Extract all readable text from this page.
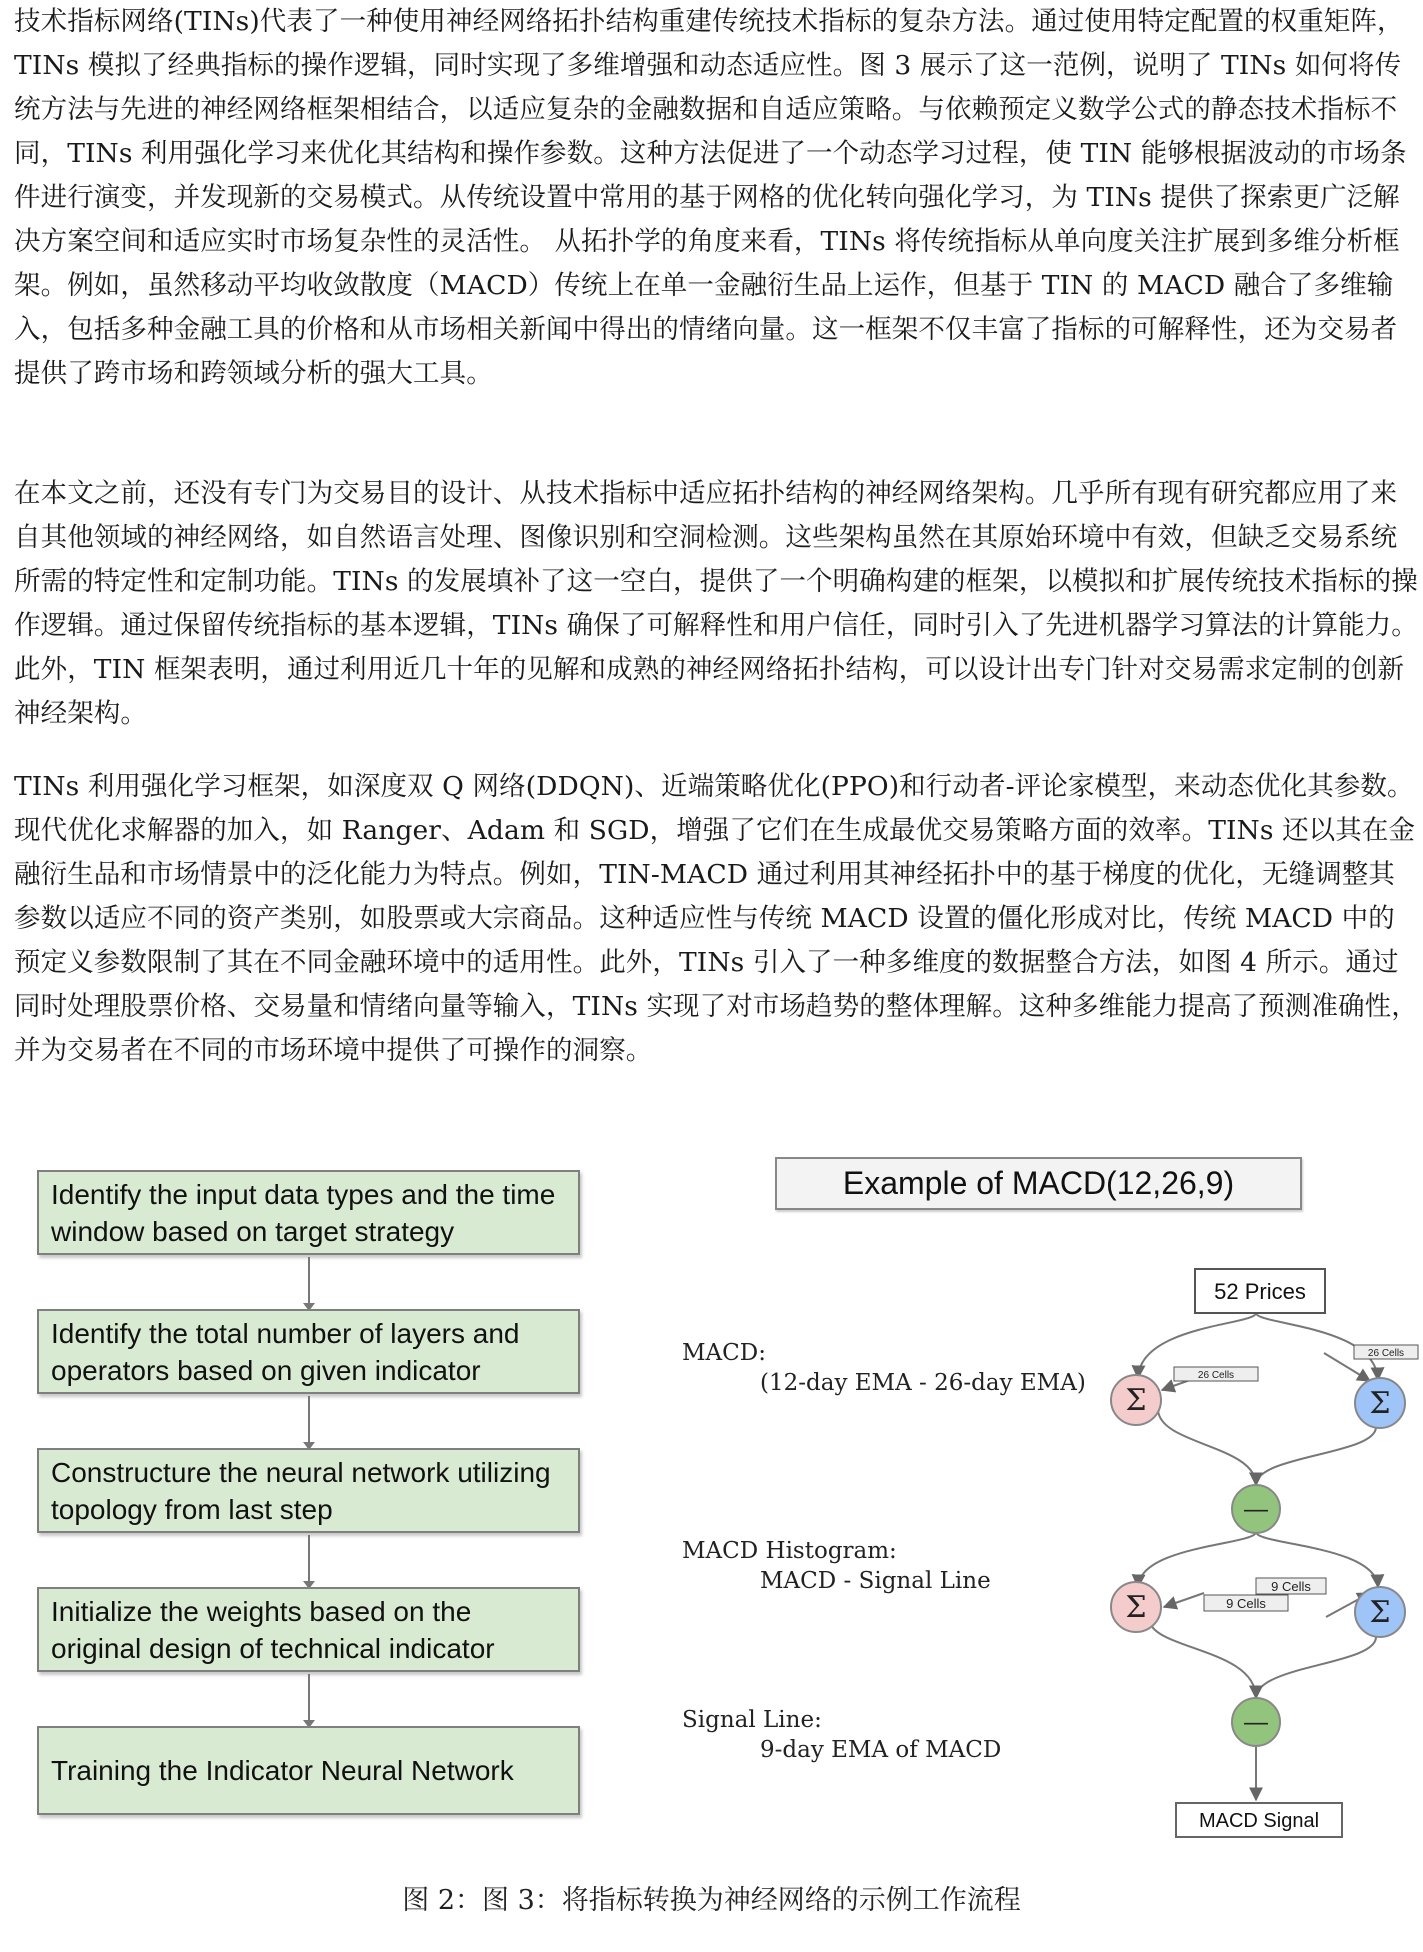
技术指标网络(TINs)代表了一种使用神经网络拓扑结构重建传统技术指标的复杂方法。通过使用特定配置的权重矩阵，TINs 模拟了经典指标的操作逻辑，同时实现了多维增强和动态适应性。图 3 展示了这一范例，说明了 TINs 如何将传统方法与先进的神经网络框架相结合，以适应复杂的金融数据和自适应策略。与依赖预定义数学公式的静态技术指标不同，TINs 利用强化学习来优化其结构和操作参数。这种方法促进了一个动态学习过程，使 TIN 能够根据波动的市场条件进行演变，并发现新的交易模式。从传统设置中常用的基于网格的优化转向强化学习，为 TINs 提供了探索更广泛解决方案空间和适应实时市场复杂性的灵活性。 从拓扑学的角度来看，TINs 将传统指标从单向度关注扩展到多维分析框架。例如，虽然移动平均收敛散度（MACD）传统上在单一金融衍生品上运作，但基于 TIN 的 MACD 融合了多维输入，包括多种金融工具的价格和从市场相关新闻中得出的情绪向量。这一框架不仅丰富了指标的可解释性，还为交易者提供了跨市场和跨领域分析的强大工具。

在本文之前，还没有专门为交易目的设计、从技术指标中适应拓扑结构的神经网络架构。几乎所有现有研究都应用了来自其他领域的神经网络，如自然语言处理、图像识别和空洞检测。这些架构虽然在其原始环境中有效，但缺乏交易系统所需的特定性和定制功能。TINs 的发展填补了这一空白，提供了一个明确构建的框架，以模拟和扩展传统技术指标的操作逻辑。通过保留传统指标的基本逻辑，TINs 确保了可解释性和用户信任，同时引入了先进机器学习算法的计算能力。此外，TIN 框架表明，通过利用近几十年的见解和成熟的神经网络拓扑结构，可以设计出专门针对交易需求定制的创新神经架构。

TINs 利用强化学习框架，如深度双 Q 网络(DDQN)、近端策略优化(PPO)和行动者-评论家模型，来动态优化其参数。现代优化求解器的加入，如 Ranger、Adam 和 SGD，增强了它们在生成最优交易策略方面的效率。TINs 还以其在金融衍生品和市场情景中的泛化能力为特点。例如，TIN-MACD 通过利用其神经拓扑中的基于梯度的优化，无缝调整其参数以适应不同的资产类别，如股票或大宗商品。这种适应性与传统 MACD 设置的僵化形成对比，传统 MACD 中的预定义参数限制了其在不同金融环境中的适用性。此外，TINs 引入了一种多维度的数据整合方法，如图 4 所示。通过同时处理股票价格、交易量和情绪向量等输入，TINs 实现了对市场趋势的整体理解。这种多维能力提高了预测准确性，并为交易者在不同的市场环境中提供了可操作的洞察。

Identify the input data types and the time window based on target strategy
Identify the total number of layers and operators based on given indicator
Constructure the neural network utilizing topology from last step
Initialize the weights based on the original design of technical indicator
Training the Indicator Neural Network
Example of MACD(12,26,9)
MACD:
(12-day EMA - 26-day EMA)
MACD Histogram:
MACD - Signal Line
Signal Line:
9-day EMA of MACD
52 Prices
26 Cells
26 Cells
Σ	Σ
—
9 Cells
9 Cells
Σ	Σ
—
MACD Signal
图 2：图 3：将指标转换为神经网络的示例工作流程
